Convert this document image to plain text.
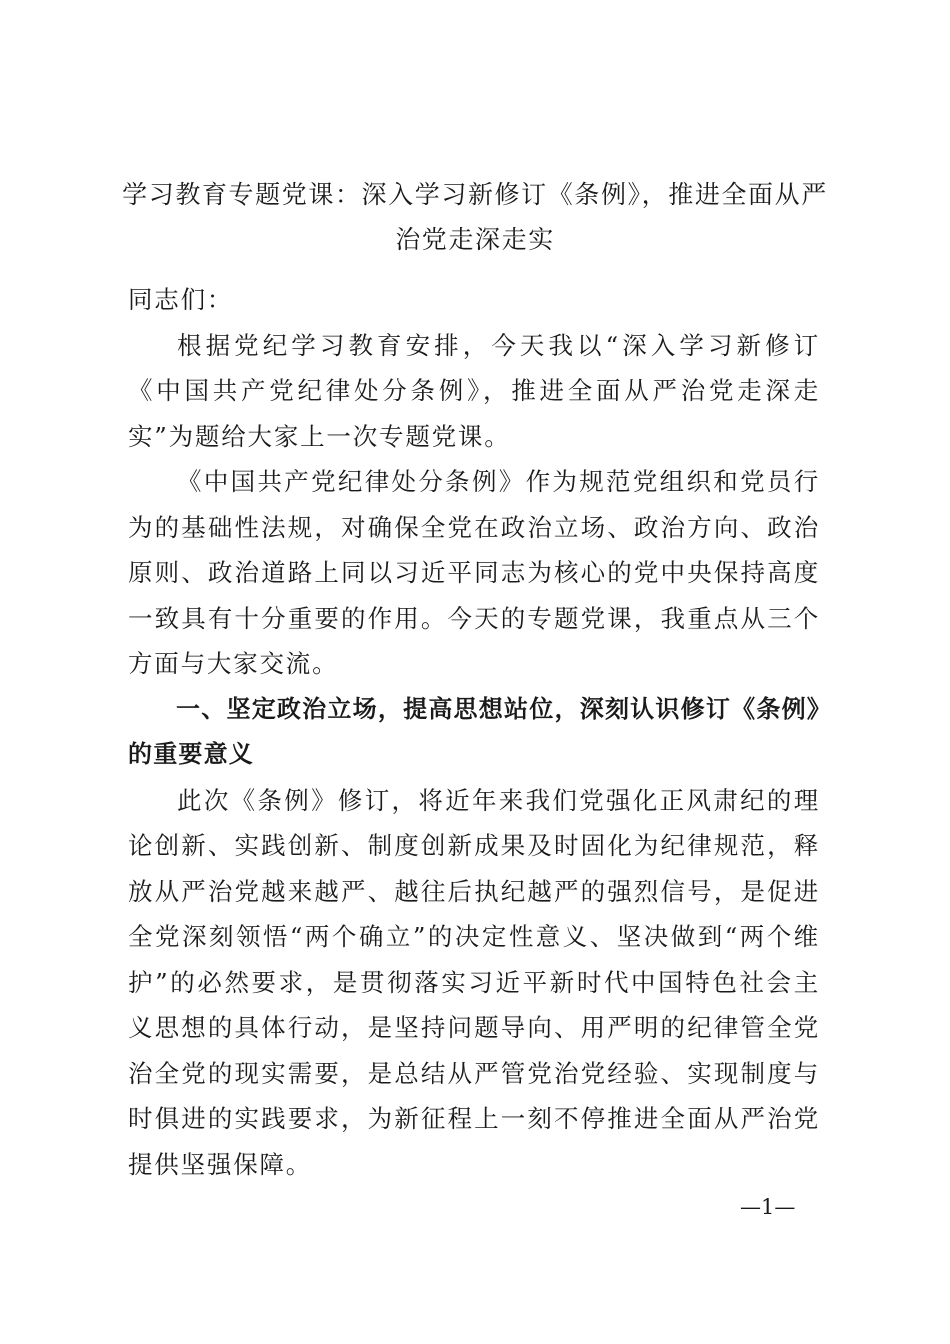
学习教育专题党课：深入学习新修订《条例》，推进全面从严治党走深走实

同志们：

根据党纪学习教育安排，今天我以“深入学习新修订《中国共产党纪律处分条例》，推进全面从严治党走深走实”为题给大家上一次专题党课。

《中国共产党纪律处分条例》作为规范党组织和党员行为的基础性法规，对确保全党在政治立场、政治方向、政治原则、政治道路上同以习近平同志为核心的党中央保持高度一致具有十分重要的作用。今天的专题党课，我重点从三个方面与大家交流。

一、坚定政治立场，提高思想站位，深刻认识修订《条例》的重要意义

此次《条例》修订，将近年来我们党强化正风肃纪的理论创新、实践创新、制度创新成果及时固化为纪律规范，释放从严治党越来越严、越往后执纪越严的强烈信号，是促进全党深刻领悟“两个确立”的决定性意义、坚决做到“两个维护”的必然要求，是贯彻落实习近平新时代中国特色社会主义思想的具体行动，是坚持问题导向、用严明的纪律管全党治全党的现实需要，是总结从严管党治党经验、实现制度与时俱进的实践要求，为新征程上一刻不停推进全面从严治党提供坚强保障。

—1—
